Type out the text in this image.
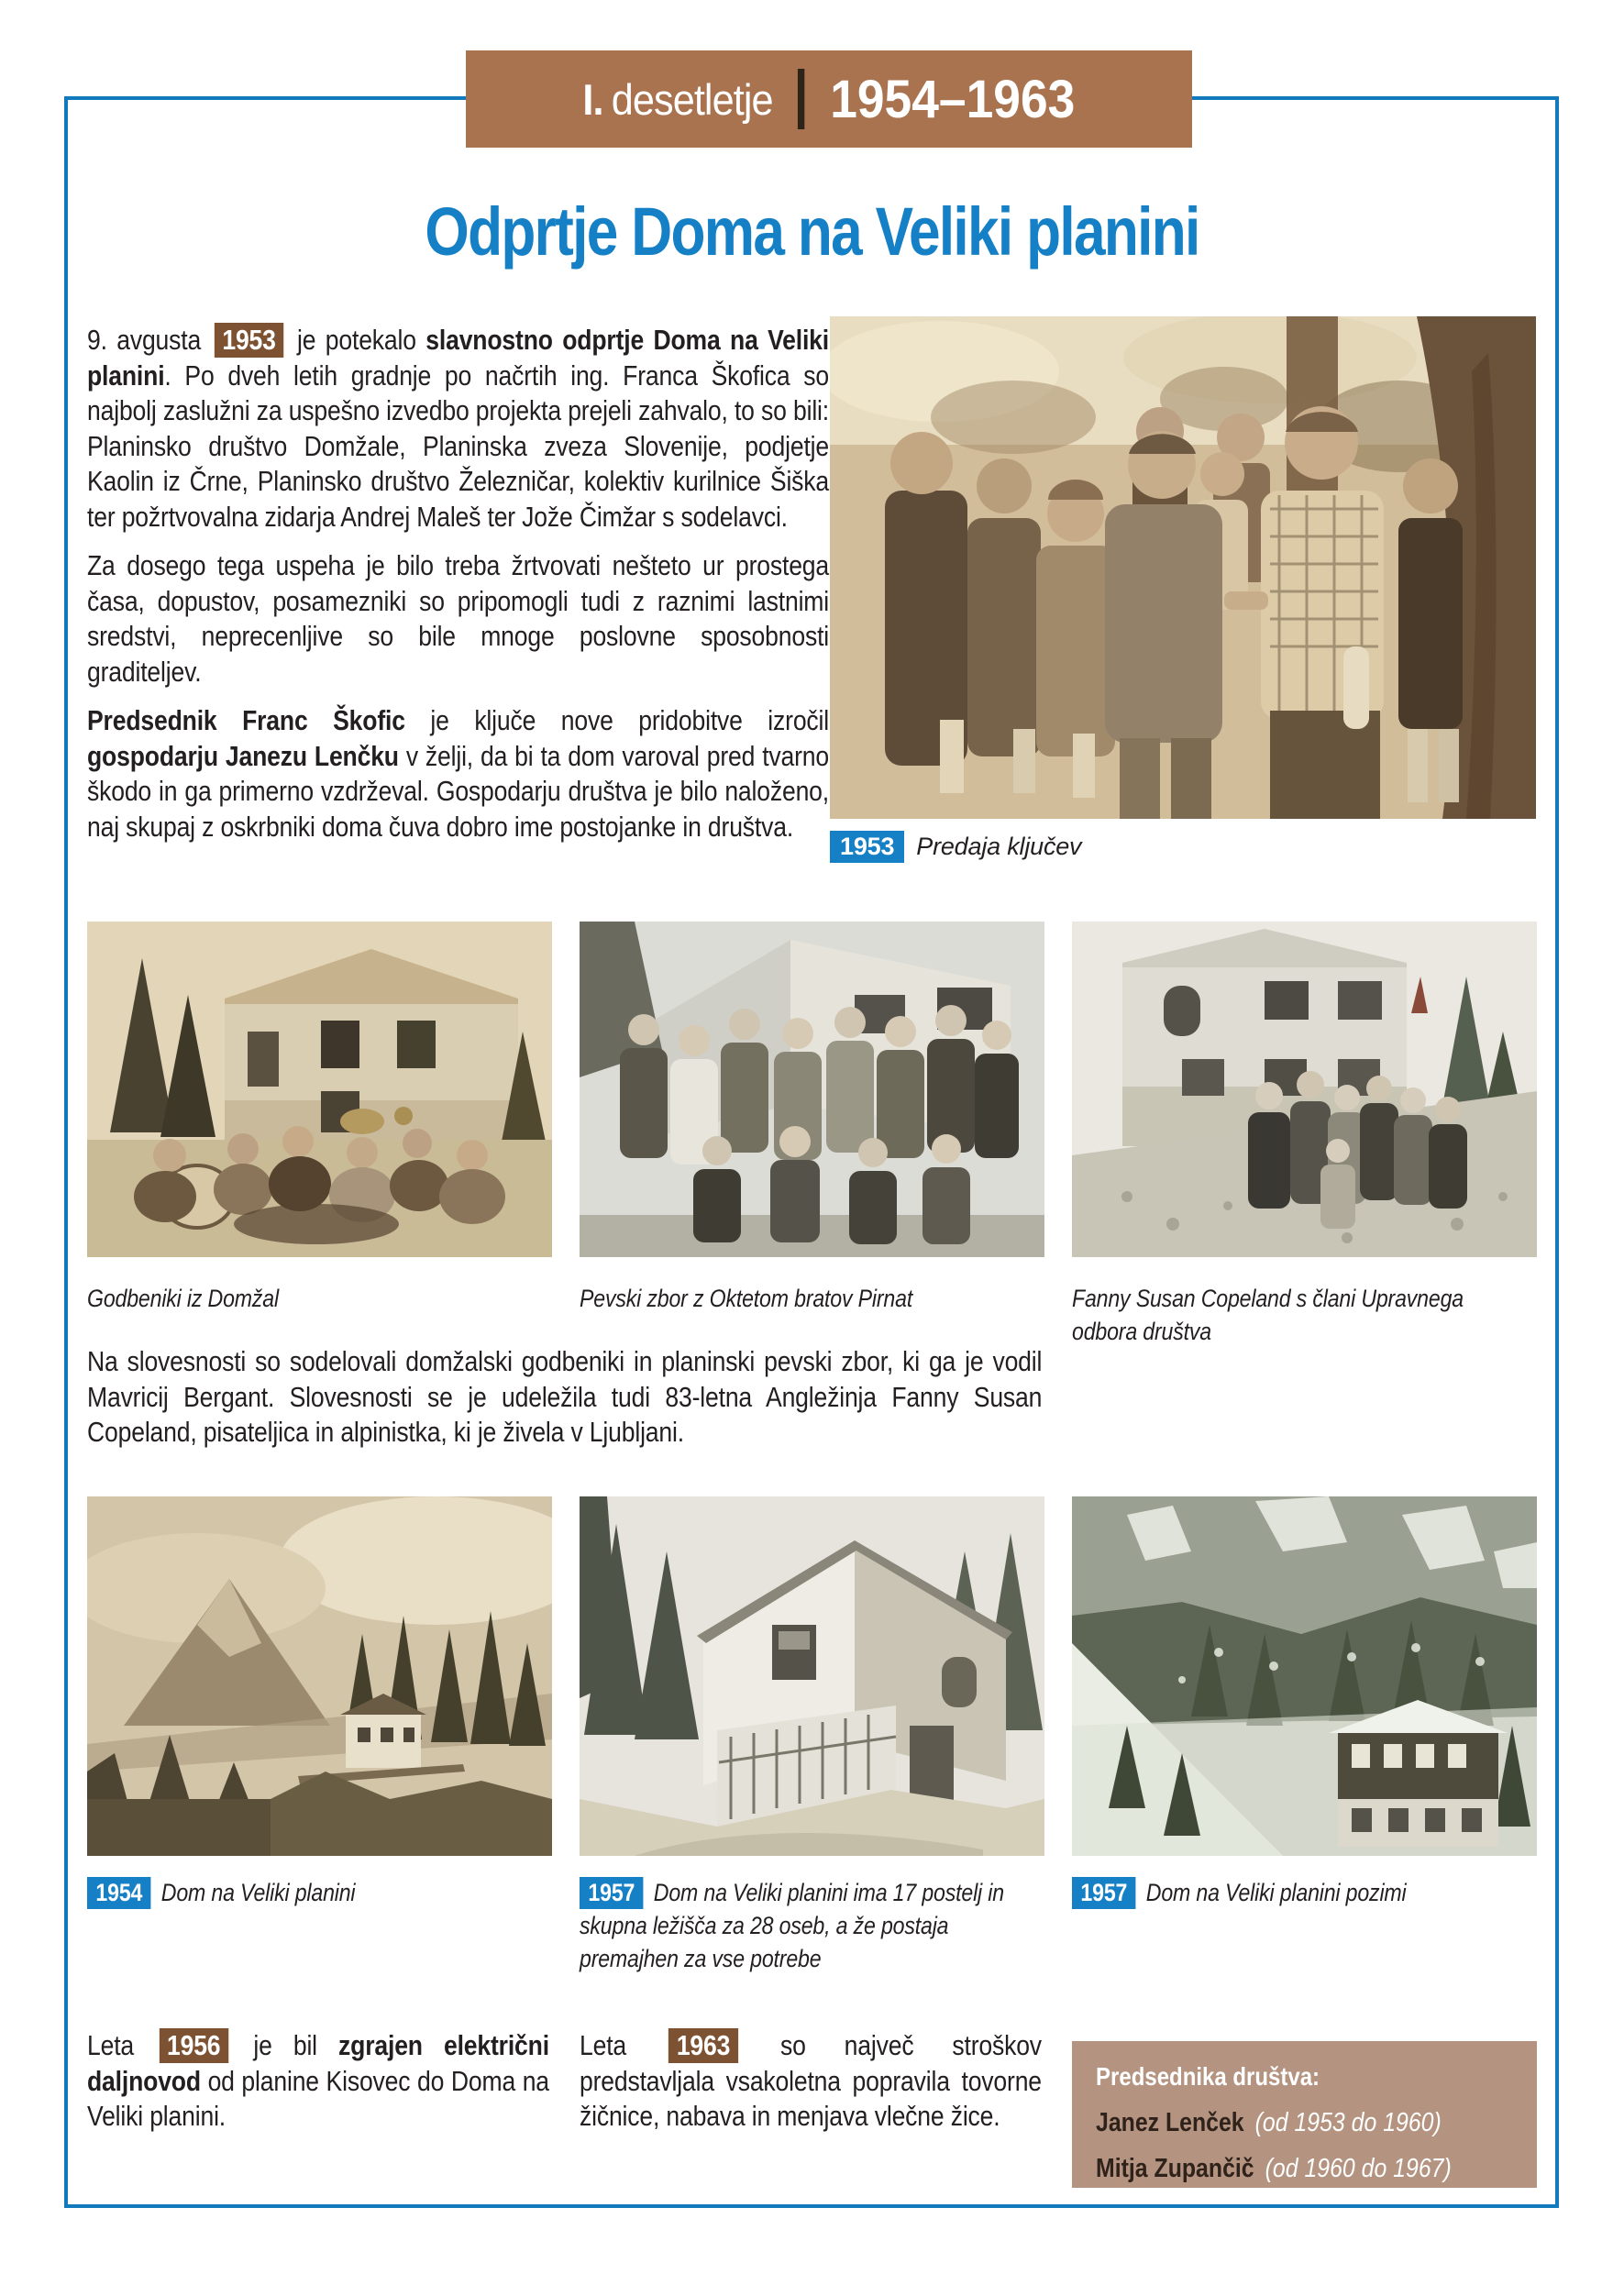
I. desetletje 1954–1963
Odprtje Doma na Veliki planini

9. avgusta 1953 je potekalo slavnostno odprtje Doma na Veliki planini. Po dveh letih gradnje po načrtih ing. Franca Škofica so najbolj zaslužni za uspešno izvedbo projekta prejeli zahvalo, to so bili: Planinsko društvo Domžale, Planinska zveza Slovenije, podjetje Kaolin iz Črne, Planinsko društvo Železničar, kolektiv kurilnice Šiška ter požrtvovalna zidarja Andrej Maleš ter Jože Čimžar s sodelavci.

Za dosego tega uspeha je bilo treba žrtvovati nešteto ur prostega časa, dopustov, posamezniki so pripomogli tudi z raznimi lastnimi sredstvi, neprecenljive so bile mnoge poslovne sposobnosti graditeljev.

Predsednik Franc Škofic je ključe nove pridobitve izročil gospodarju Janezu Lenčku v želji, da bi ta dom varoval pred tvarno škodo in ga primerno vzdrževal. Gospodarju društva je bilo naloženo, naj skupaj z oskrbniki doma čuva dobro ime postojanke in društva.

1953 Predaja ključev
Godbeniki iz Domžal	Pevski zbor z Oktetom bratov Pirnat	Fanny Susan Copeland s člani Upravnega odbora društva
Na slovesnosti so sodelovali domžalski godbeniki in planinski pevski zbor, ki ga je vodil Mavricij Bergant. Slovesnosti se je udeležila tudi 83-letna Angležinja Fanny Susan Copeland, pisateljica in alpinistka, ki je živela v Ljubljani.
1954 Dom na Veliki planini	1957 Dom na Veliki planini ima 17 postelj in skupna ležišča za 28 oseb, a že postaja premajhen za vse potrebe
1957 Dom na Veliki planini pozimi
Leta 1956 je bil zgrajen električni daljnovod od planine Kisovec do Doma na Veliki planini.
Leta 1963 so največ stroškov predstavljala vsakoletna popravila tovorne žičnice, nabava in menjava vlečne žice.
Predsednika društva:
Janez Lenček (od 1953 do 1960)
Mitja Zupančič (od 1960 do 1967)
